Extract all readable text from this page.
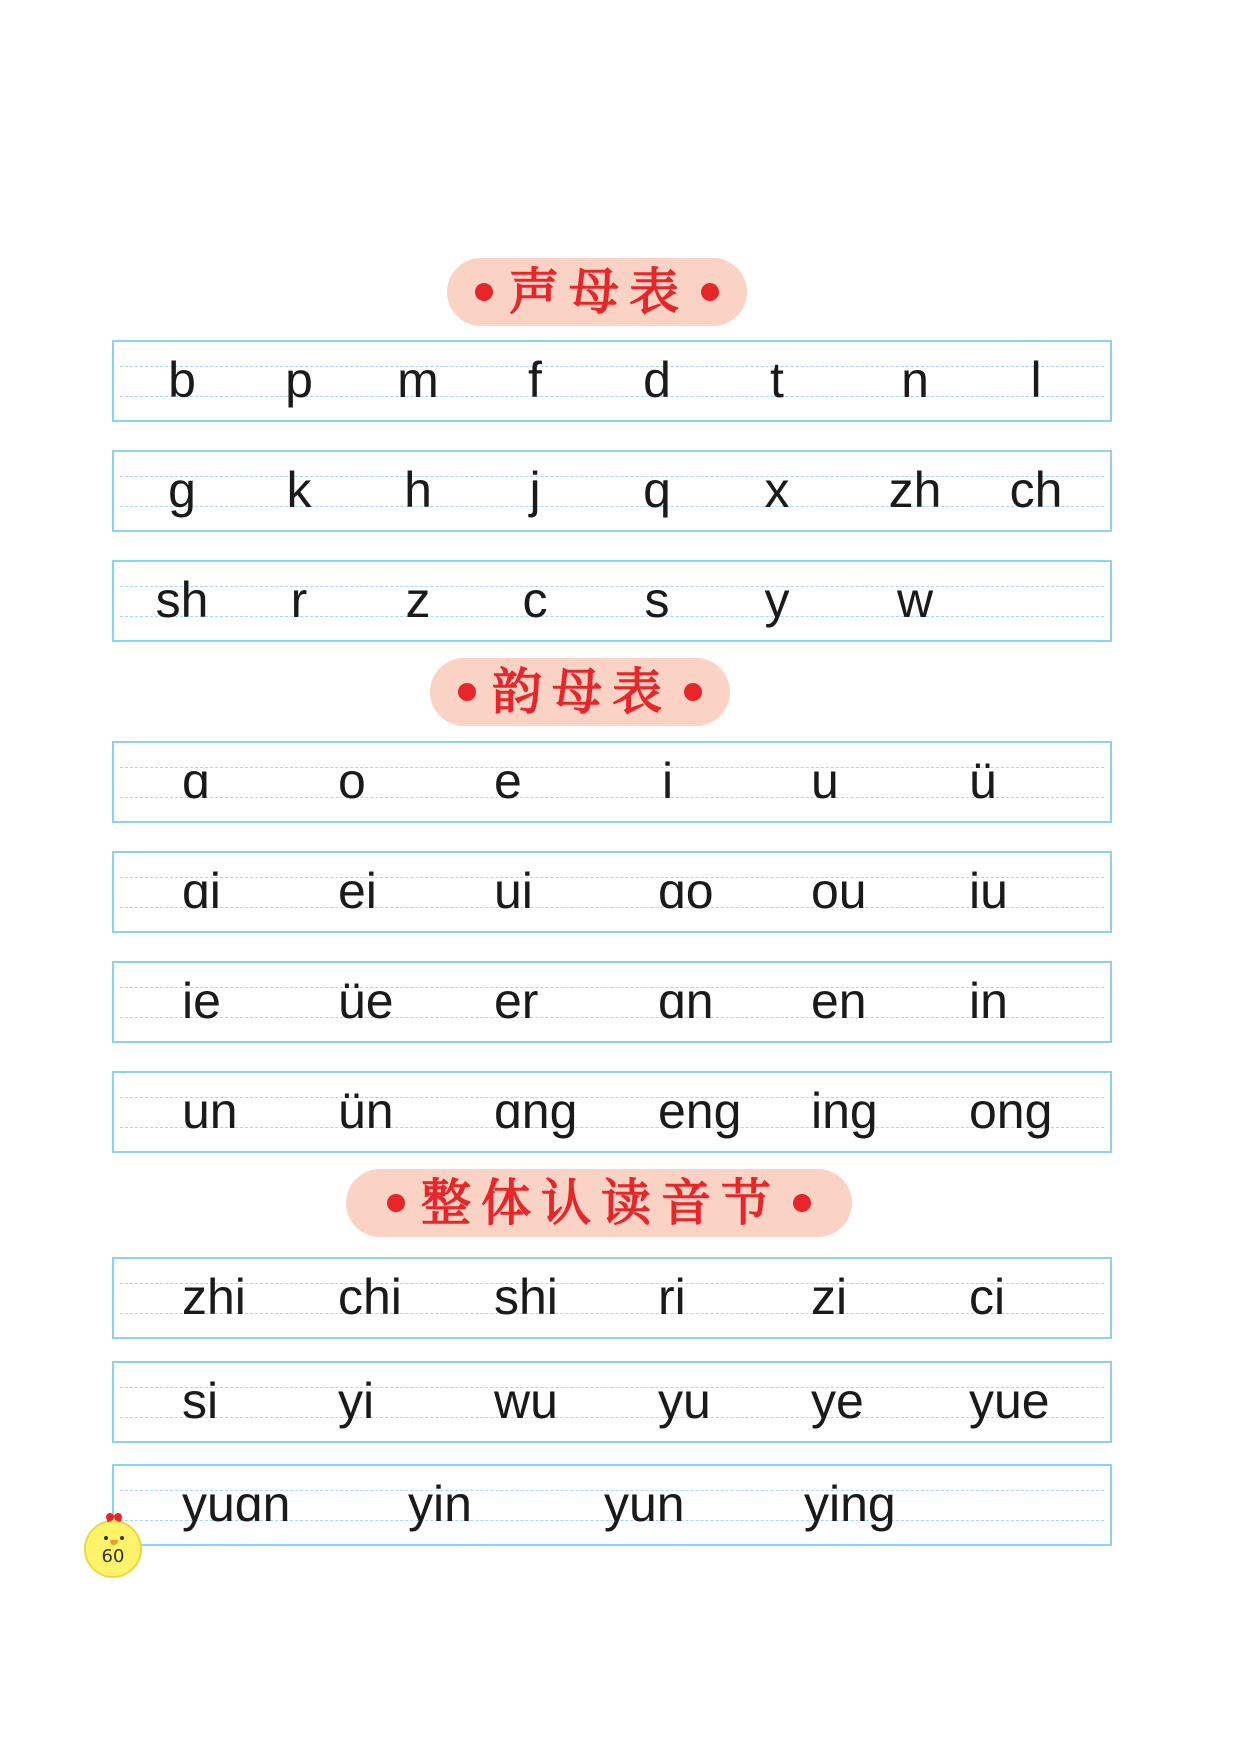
声母表
b p m f d t n l
g k h j q x zh ch
sh r z c s y w
韵母表
ɑ	o	e	i	u	ü
ɑi ei ui	ɑo ou iu
ie üe er ɑn en in
un ün ɑng eng ing ong
整体认读音节
zhi chi shi ri	zi ci
si yi wu yu ye yue
yuɑn yin	yun ying
60
